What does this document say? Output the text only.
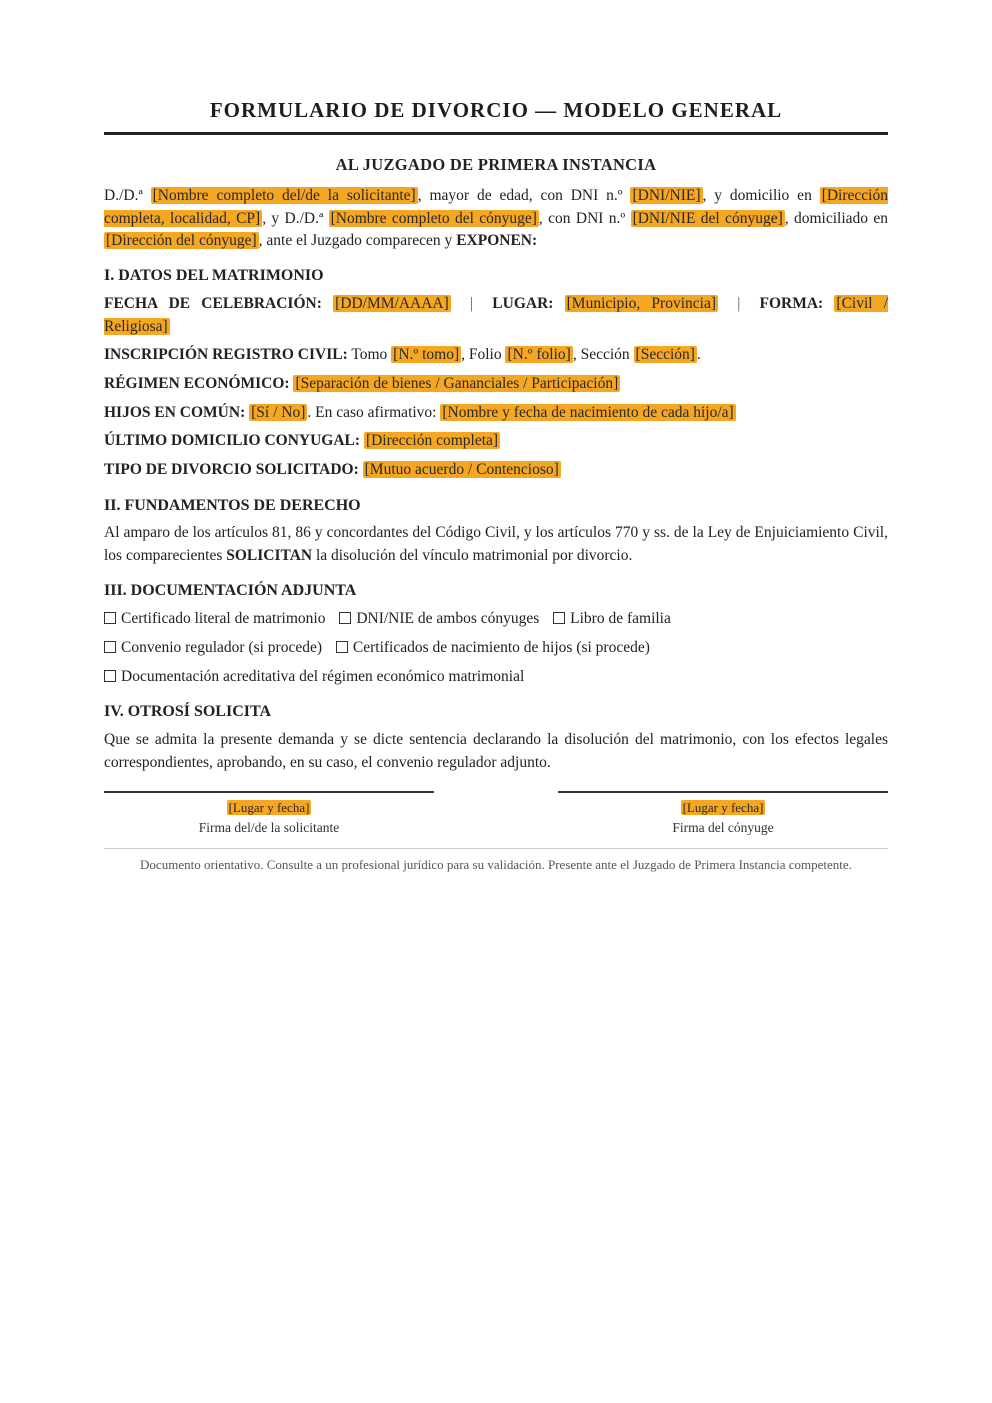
FORMULARIO DE DIVORCIO — MODELO GENERAL
AL JUZGADO DE PRIMERA INSTANCIA

D./D.ª [Nombre completo del/de la solicitante] , mayor de edad, con DNI n.º [DNI/NIE] , y domicilio en [Dirección completa, localidad, CP] , y D./D.ª [Nombre completo del cónyuge] , con DNI n.º [DNI/NIE del cónyuge] , domiciliado en [Dirección del cónyuge] , ante el Juzgado comparecen y EXPONEN:

I. DATOS DEL MATRIMONIO

FECHA DE CELEBRACIÓN: [DD/MM/AAAA] | LUGAR: [Municipio, Provincia] | FORMA: [Civil / Religiosa]

INSCRIPCIÓN REGISTRO CIVIL: Tomo [N.º tomo] , Folio [N.º folio] , Sección [Sección] .

RÉGIMEN ECONÓMICO: [Separación de bienes / Gananciales / Participación]

HIJOS EN COMÚN: [Sí / No] . En caso afirmativo: [Nombre y fecha de nacimiento de cada hijo/a]

ÚLTIMO DOMICILIO CONYUGAL: [Dirección completa]

TIPO DE DIVORCIO SOLICITADO: [Mutuo acuerdo / Contencioso]

II. FUNDAMENTOS DE DERECHO

Al amparo de los artículos 81, 86 y concordantes del Código Civil, y los artículos 770 y ss. de la Ley de Enjuiciamiento Civil, los comparecientes SOLICITAN la disolución del vínculo matrimonial por divorcio.

III. DOCUMENTACIÓN ADJUNTA
Certificado literal de matrimonio DNI/NIE de ambos cónyuges Libro de familia
Convenio regulador (si procede) Certificados de nacimiento de hijos (si procede)
Documentación acreditativa del régimen económico matrimonial
IV. OTROSÍ SOLICITA

Que se admita la presente demanda y se dicte sentencia declarando la disolución del matrimonio, con los efectos legales correspondientes, aprobando, en su caso, el convenio regulador adjunto.

[Lugar y fecha]
Firma del/de la solicitante
[Lugar y fecha]
Firma del cónyuge
Documento orientativo. Consulte a un profesional jurídico para su validación. Presente ante el Juzgado de Primera Instancia competente.
